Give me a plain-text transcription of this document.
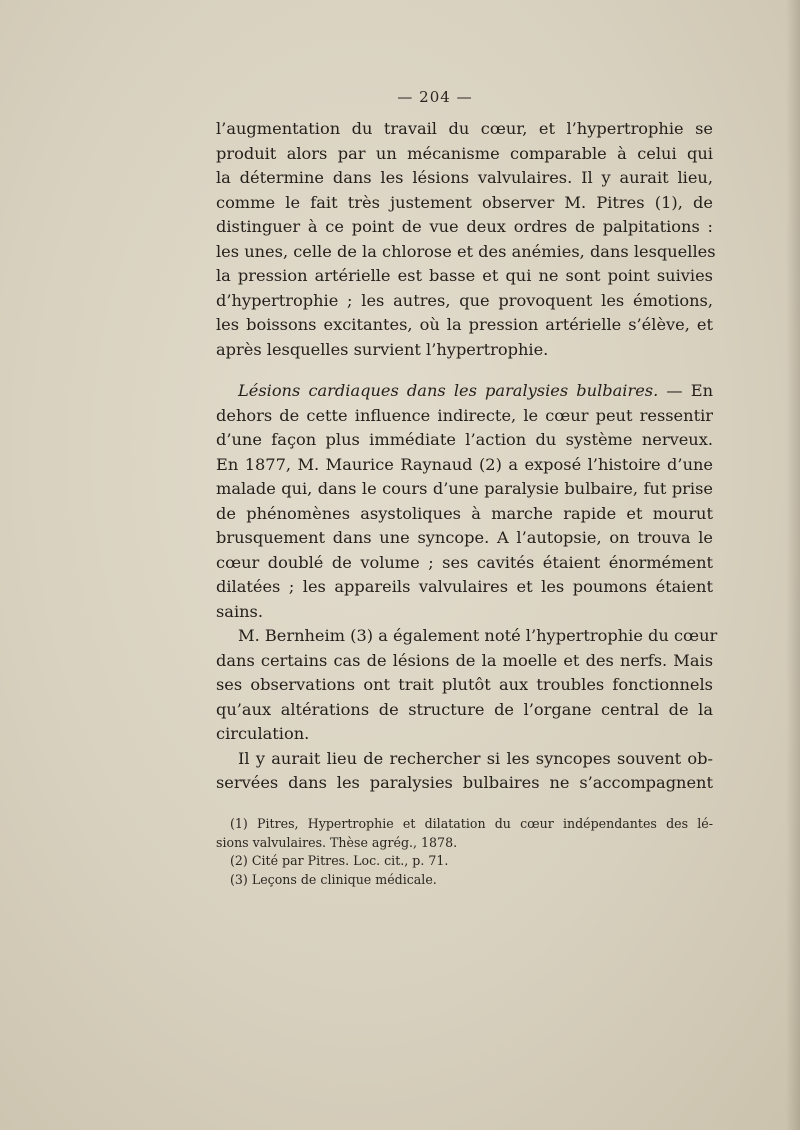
— 204 —
l’augmentation du travail du cœur, et l’hypertrophie se
produit alors par un mécanisme comparable à celui qui
la détermine dans les lésions valvulaires. Il y aurait lieu,
comme le fait très justement observer M. Pitres (1), de
distinguer à ce point de vue deux ordres de palpitations :
les unes, celle de la chlorose et des anémies, dans lesquelles
la pression artérielle est basse et qui ne sont point suivies
d’hypertrophie ; les autres, que provoquent les émotions,
les boissons excitantes, où la pression artérielle s’élève, et
après lesquelles survient l’hypertrophie.
Lésions cardiaques dans les paralysies bulbaires. — En
dehors de cette influence indirecte, le cœur peut ressentir
d’une façon plus immédiate l’action du système nerveux.
En 1877, M. Maurice Raynaud (2) a exposé l’histoire d’une
malade qui, dans le cours d’une paralysie bulbaire, fut prise
de phénomènes asystoliques à marche rapide et mourut
brusquement dans une syncope. A l’autopsie, on trouva le
cœur doublé de volume ; ses cavités étaient énormément
dilatées ; les appareils valvulaires et les poumons étaient
sains.
M. Bernheim (3) a également noté l’hypertrophie du cœur
dans certains cas de lésions de la moelle et des nerfs. Mais
ses observations ont trait plutôt aux troubles fonctionnels
qu’aux altérations de structure de l’organe central de la
circulation.
Il y aurait lieu de rechercher si les syncopes souvent ob-
servées dans les paralysies bulbaires ne s’accompagnent
(1) Pitres, Hypertrophie et dilatation du cœur indépendantes des lé-
sions valvulaires. Thèse agrég., 1878.
(2) Cité par Pitres. Loc. cit., p. 71.
(3) Leçons de clinique médicale.
